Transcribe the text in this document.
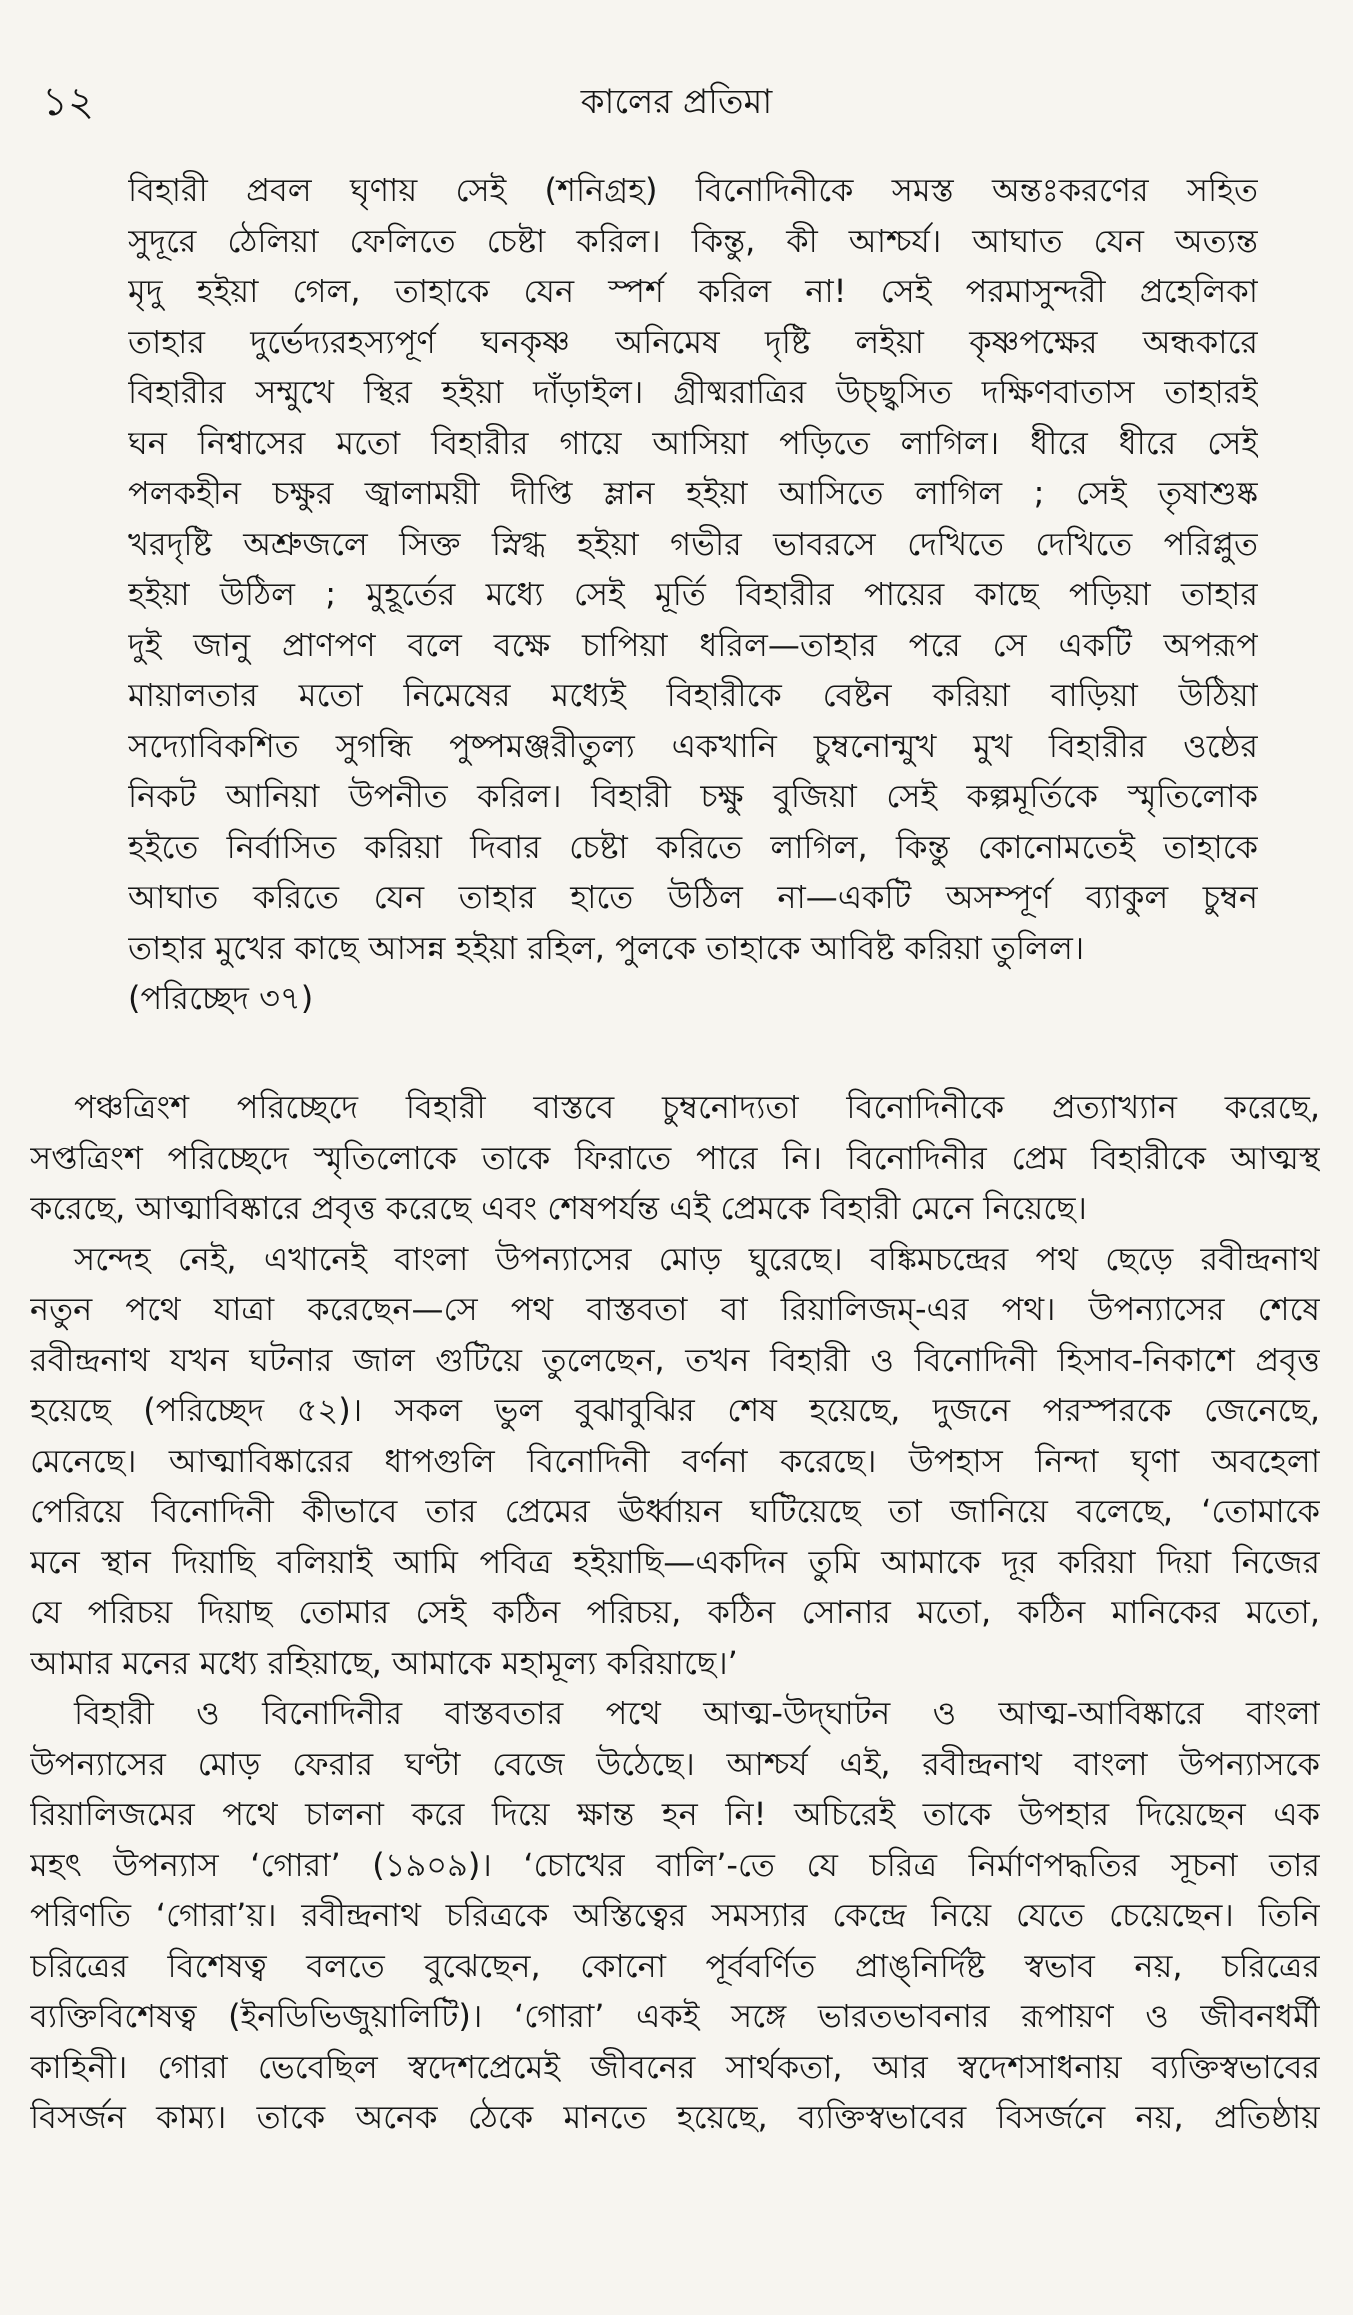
১২	কালের প্রতিমা
বিহারী প্রবল ঘৃণায় সেই (শনিগ্রহ) বিনোদিনীকে সমস্ত অন্তঃকরণের সহিত
সুদূরে ঠেলিয়া ফেলিতে চেষ্টা করিল। কিন্তু, কী আশ্চর্য। আঘাত যেন অত্যন্ত
মৃদু হইয়া গেল, তাহাকে যেন স্পর্শ করিল না! সেই পরমাসুন্দরী প্রহেলিকা
তাহার দুর্ভেদ্যরহস্যপূর্ণ ঘনকৃষ্ণ অনিমেষ দৃষ্টি লইয়া কৃষ্ণপক্ষের অন্ধকারে
বিহারীর সম্মুখে স্থির হইয়া দাঁড়াইল। গ্রীষ্মরাত্রির উচ্ছ্বসিত দক্ষিণবাতাস তাহারই
ঘন নিশ্বাসের মতো বিহারীর গায়ে আসিয়া পড়িতে লাগিল। ধীরে ধীরে সেই
পলকহীন চক্ষুর জ্বালাময়ী দীপ্তি ম্লান হইয়া আসিতে লাগিল ; সেই তৃষাশুষ্ক
খরদৃষ্টি অশ্রুজলে সিক্ত স্নিগ্ধ হইয়া গভীর ভাবরসে দেখিতে দেখিতে পরিপ্লুত
হইয়া উঠিল ; মুহূর্তের মধ্যে সেই মূর্তি বিহারীর পায়ের কাছে পড়িয়া তাহার
দুই জানু প্রাণপণ বলে বক্ষে চাপিয়া ধরিল—তাহার পরে সে একটি অপরূপ
মায়ালতার মতো নিমেষের মধ্যেই বিহারীকে বেষ্টন করিয়া বাড়িয়া উঠিয়া
সদ্যোবিকশিত সুগন্ধি পুষ্পমঞ্জরীতুল্য একখানি চুম্বনোন্মুখ মুখ বিহারীর ওষ্ঠের
নিকট আনিয়া উপনীত করিল। বিহারী চক্ষু বুজিয়া সেই কল্পমূর্তিকে স্মৃতিলোক
হইতে নির্বাসিত করিয়া দিবার চেষ্টা করিতে লাগিল, কিন্তু কোনোমতেই তাহাকে
আঘাত করিতে যেন তাহার হাতে উঠিল না—একটি অসম্পূর্ণ ব্যাকুল চুম্বন
তাহার মুখের কাছে আসন্ন হইয়া রহিল, পুলকে তাহাকে আবিষ্ট করিয়া তুলিল।
(পরিচ্ছেদ ৩৭)
পঞ্চত্রিংশ পরিচ্ছেদে বিহারী বাস্তবে চুম্বনোদ্যতা বিনোদিনীকে প্রত্যাখ্যান করেছে,
সপ্তত্রিংশ পরিচ্ছেদে স্মৃতিলোকে তাকে ফিরাতে পারে নি। বিনোদিনীর প্রেম বিহারীকে আত্মস্থ
করেছে, আত্মাবিষ্কারে প্রবৃত্ত করেছে এবং শেষপর্যন্ত এই প্রেমকে বিহারী মেনে নিয়েছে।
সন্দেহ নেই, এখানেই বাংলা উপন্যাসের মোড় ঘুরেছে। বঙ্কিমচন্দ্রের পথ ছেড়ে রবীন্দ্রনাথ
নতুন পথে যাত্রা করেছেন—সে পথ বাস্তবতা বা রিয়ালিজম্-এর পথ। উপন্যাসের শেষে
রবীন্দ্রনাথ যখন ঘটনার জাল গুটিয়ে তুলেছেন, তখন বিহারী ও বিনোদিনী হিসাব-নিকাশে প্রবৃত্ত
হয়েছে (পরিচ্ছেদ ৫২)। সকল ভুল বুঝাবুঝির শেষ হয়েছে, দুজনে পরস্পরকে জেনেছে,
মেনেছে। আত্মাবিষ্কারের ধাপগুলি বিনোদিনী বর্ণনা করেছে। উপহাস নিন্দা ঘৃণা অবহেলা
পেরিয়ে বিনোদিনী কীভাবে তার প্রেমের ঊর্ধ্বায়ন ঘটিয়েছে তা জানিয়ে বলেছে, ‘তোমাকে
মনে স্থান দিয়াছি বলিয়াই আমি পবিত্র হইয়াছি—একদিন তুমি আমাকে দূর করিয়া দিয়া নিজের
যে পরিচয় দিয়াছ তোমার সেই কঠিন পরিচয়, কঠিন সোনার মতো, কঠিন মানিকের মতো,
আমার মনের মধ্যে রহিয়াছে, আমাকে মহামূল্য করিয়াছে।’
বিহারী ও বিনোদিনীর বাস্তবতার পথে আত্ম-উদ্‌ঘাটন ও আত্ম-আবিষ্কারে বাংলা
উপন্যাসের মোড় ফেরার ঘণ্টা বেজে উঠেছে। আশ্চর্য এই, রবীন্দ্রনাথ বাংলা উপন্যাসকে
রিয়ালিজমের পথে চালনা করে দিয়ে ক্ষান্ত হন নি! অচিরেই তাকে উপহার দিয়েছেন এক
মহৎ উপন্যাস ‘গোরা’ (১৯০৯)। ‘চোখের বালি’-তে যে চরিত্র নির্মাণপদ্ধতির সূচনা তার
পরিণতি ‘গোরা’য়। রবীন্দ্রনাথ চরিত্রকে অস্তিত্বের সমস্যার কেন্দ্রে নিয়ে যেতে চেয়েছেন। তিনি
চরিত্রের বিশেষত্ব বলতে বুঝেছেন, কোনো পূর্ববর্ণিত প্রাঙ্‌নির্দিষ্ট স্বভাব নয়, চরিত্রের
ব্যক্তিবিশেষত্ব (ইনডিভিজুয়ালিটি)। ‘গোরা’ একই সঙ্গে ভারতভাবনার রূপায়ণ ও জীবনধর্মী
কাহিনী। গোরা ভেবেছিল স্বদেশপ্রেমেই জীবনের সার্থকতা, আর স্বদেশসাধনায় ব্যক্তিস্বভাবের
বিসর্জন কাম্য। তাকে অনেক ঠেকে মানতে হয়েছে, ব্যক্তিস্বভাবের বিসর্জনে নয়, প্রতিষ্ঠায়
